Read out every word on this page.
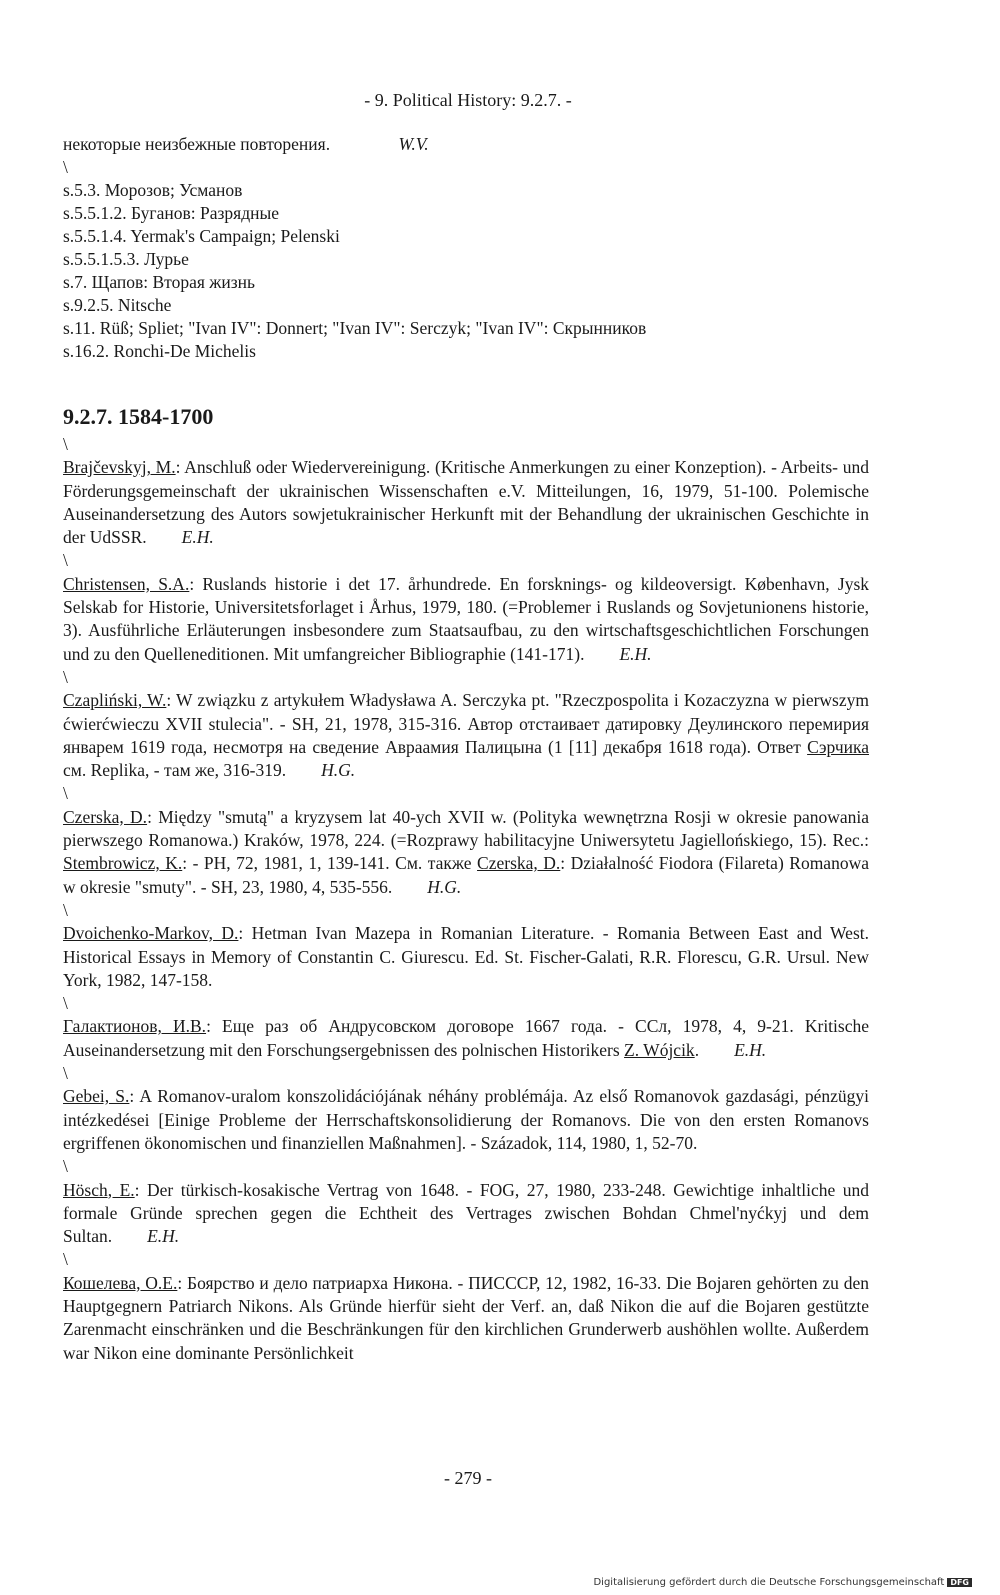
- 9. Political History: 9.2.7. -
некоторые неизбежные повторения.	W.V.
\
s.5.3. Морозов; Усманов
s.5.5.1.2. Буганов: Разрядные
s.5.5.1.4. Yermak's Campaign; Pelenski
s.5.5.1.5.3. Лурье
s.7. Щапов: Вторая жизнь
s.9.2.5. Nitsche
s.11. Rüß; Spliet; "Ivan IV": Donnert; "Ivan IV": Serczyk; "Ivan IV": Скрынников
s.16.2. Ronchi-De Michelis
9.2.7. 1584-1700
\
Brajčevskyj, M.: Anschluß oder Wiedervereinigung. (Kritische Anmerkungen zu einer Konzeption). - Arbeits- und Förderungsgemeinschaft der ukrainischen Wissenschaften e.V. Mitteilungen, 16, 1979, 51-100. Polemische Auseinandersetzung des Autors sowjetukrainischer Herkunft mit der Behandlung der ukrainischen Geschichte in der UdSSR. E.H.
\
Christensen, S.A.: Ruslands historie i det 17. århundrede. En forsknings- og kildeoversigt. København, Jysk Selskab for Historie, Universitetsforlaget i Århus, 1979, 180. (=Problemer i Ruslands og Sovjetunionens historie, 3). Ausführliche Erläuterungen insbesondere zum Staatsaufbau, zu den wirtschaftsgeschichtlichen Forschungen und zu den Quelleneditionen. Mit umfangreicher Bibliographie (141-171). E.H.
\
Czapliński, W.: W związku z artykułem Władysława A. Serczyka pt. "Rzeczpospolita i Kozaczyzna w pierwszym ćwierćwieczu XVII stulecia". - SH, 21, 1978, 315-316. Автор отстаивает датировку Деулинского перемирия январем 1619 года, несмотря на сведение Авраамия Палицына (1 [11] декабря 1618 года). Ответ Сэрчика см. Replika, - там же, 316-319. H.G.
\
Czerska, D.: Między "smutą" a kryzysem lat 40-ych XVII w. (Polityka wewnętrzna Rosji w okresie panowania pierwszego Romanowa.) Kraków, 1978, 224. (=Rozprawy habilitacyjne Uniwersytetu Jagiellońskiego, 15). Rec.: Stembrowicz, K.: - PH, 72, 1981, 1, 139-141. См. также Czerska, D.: Działalność Fiodora (Filareta) Romanowa w okresie "smuty". - SH, 23, 1980, 4, 535-556. H.G.
\
Dvoichenko-Markov, D.: Hetman Ivan Mazepa in Romanian Literature. - Romania Between East and West. Historical Essays in Memory of Constantin C. Giurescu. Ed. St. Fischer-Galati, R.R. Florescu, G.R. Ursul. New York, 1982, 147-158.
\
Галактионов, И.В.: Еще раз об Андрусовском договоре 1667 года. - ССл, 1978, 4, 9-21. Kritische Auseinandersetzung mit den Forschungsergebnissen des polnischen Historikers Z. Wójcik. E.H.
\
Gebei, S.: A Romanov-uralom konszolidációjának néhány problémája. Az első Romanovok gazdasági, pénzügyi intézkedései [Einige Probleme der Herrschaftskonsolidierung der Romanovs. Die von den ersten Romanovs ergriffenen ökonomischen und finanziellen Maßnahmen]. - Századok, 114, 1980, 1, 52-70.
\
Hösch, E.: Der türkisch-kosakische Vertrag von 1648. - FOG, 27, 1980, 233-248. Gewichtige inhaltliche und formale Gründe sprechen gegen die Echtheit des Vertrages zwischen Bohdan Chmel'nyćkyj und dem Sultan. E.H.
\
Кошелева, О.Е.: Боярство и дело патриарха Никона. - ПИСССР, 12, 1982, 16-33. Die Bojaren gehörten zu den Hauptgegnern Patriarch Nikons. Als Gründe hierfür sieht der Verf. an, daß Nikon die auf die Bojaren gestützte Zarenmacht einschränken und die Beschränkungen für den kirchlichen Grunderwerb aushöhlen wollte. Außerdem war Nikon eine dominante Persönlichkeit
- 279 -
Digitalisierung gefördert durch die Deutsche Forschungsgemeinschaft DFG
